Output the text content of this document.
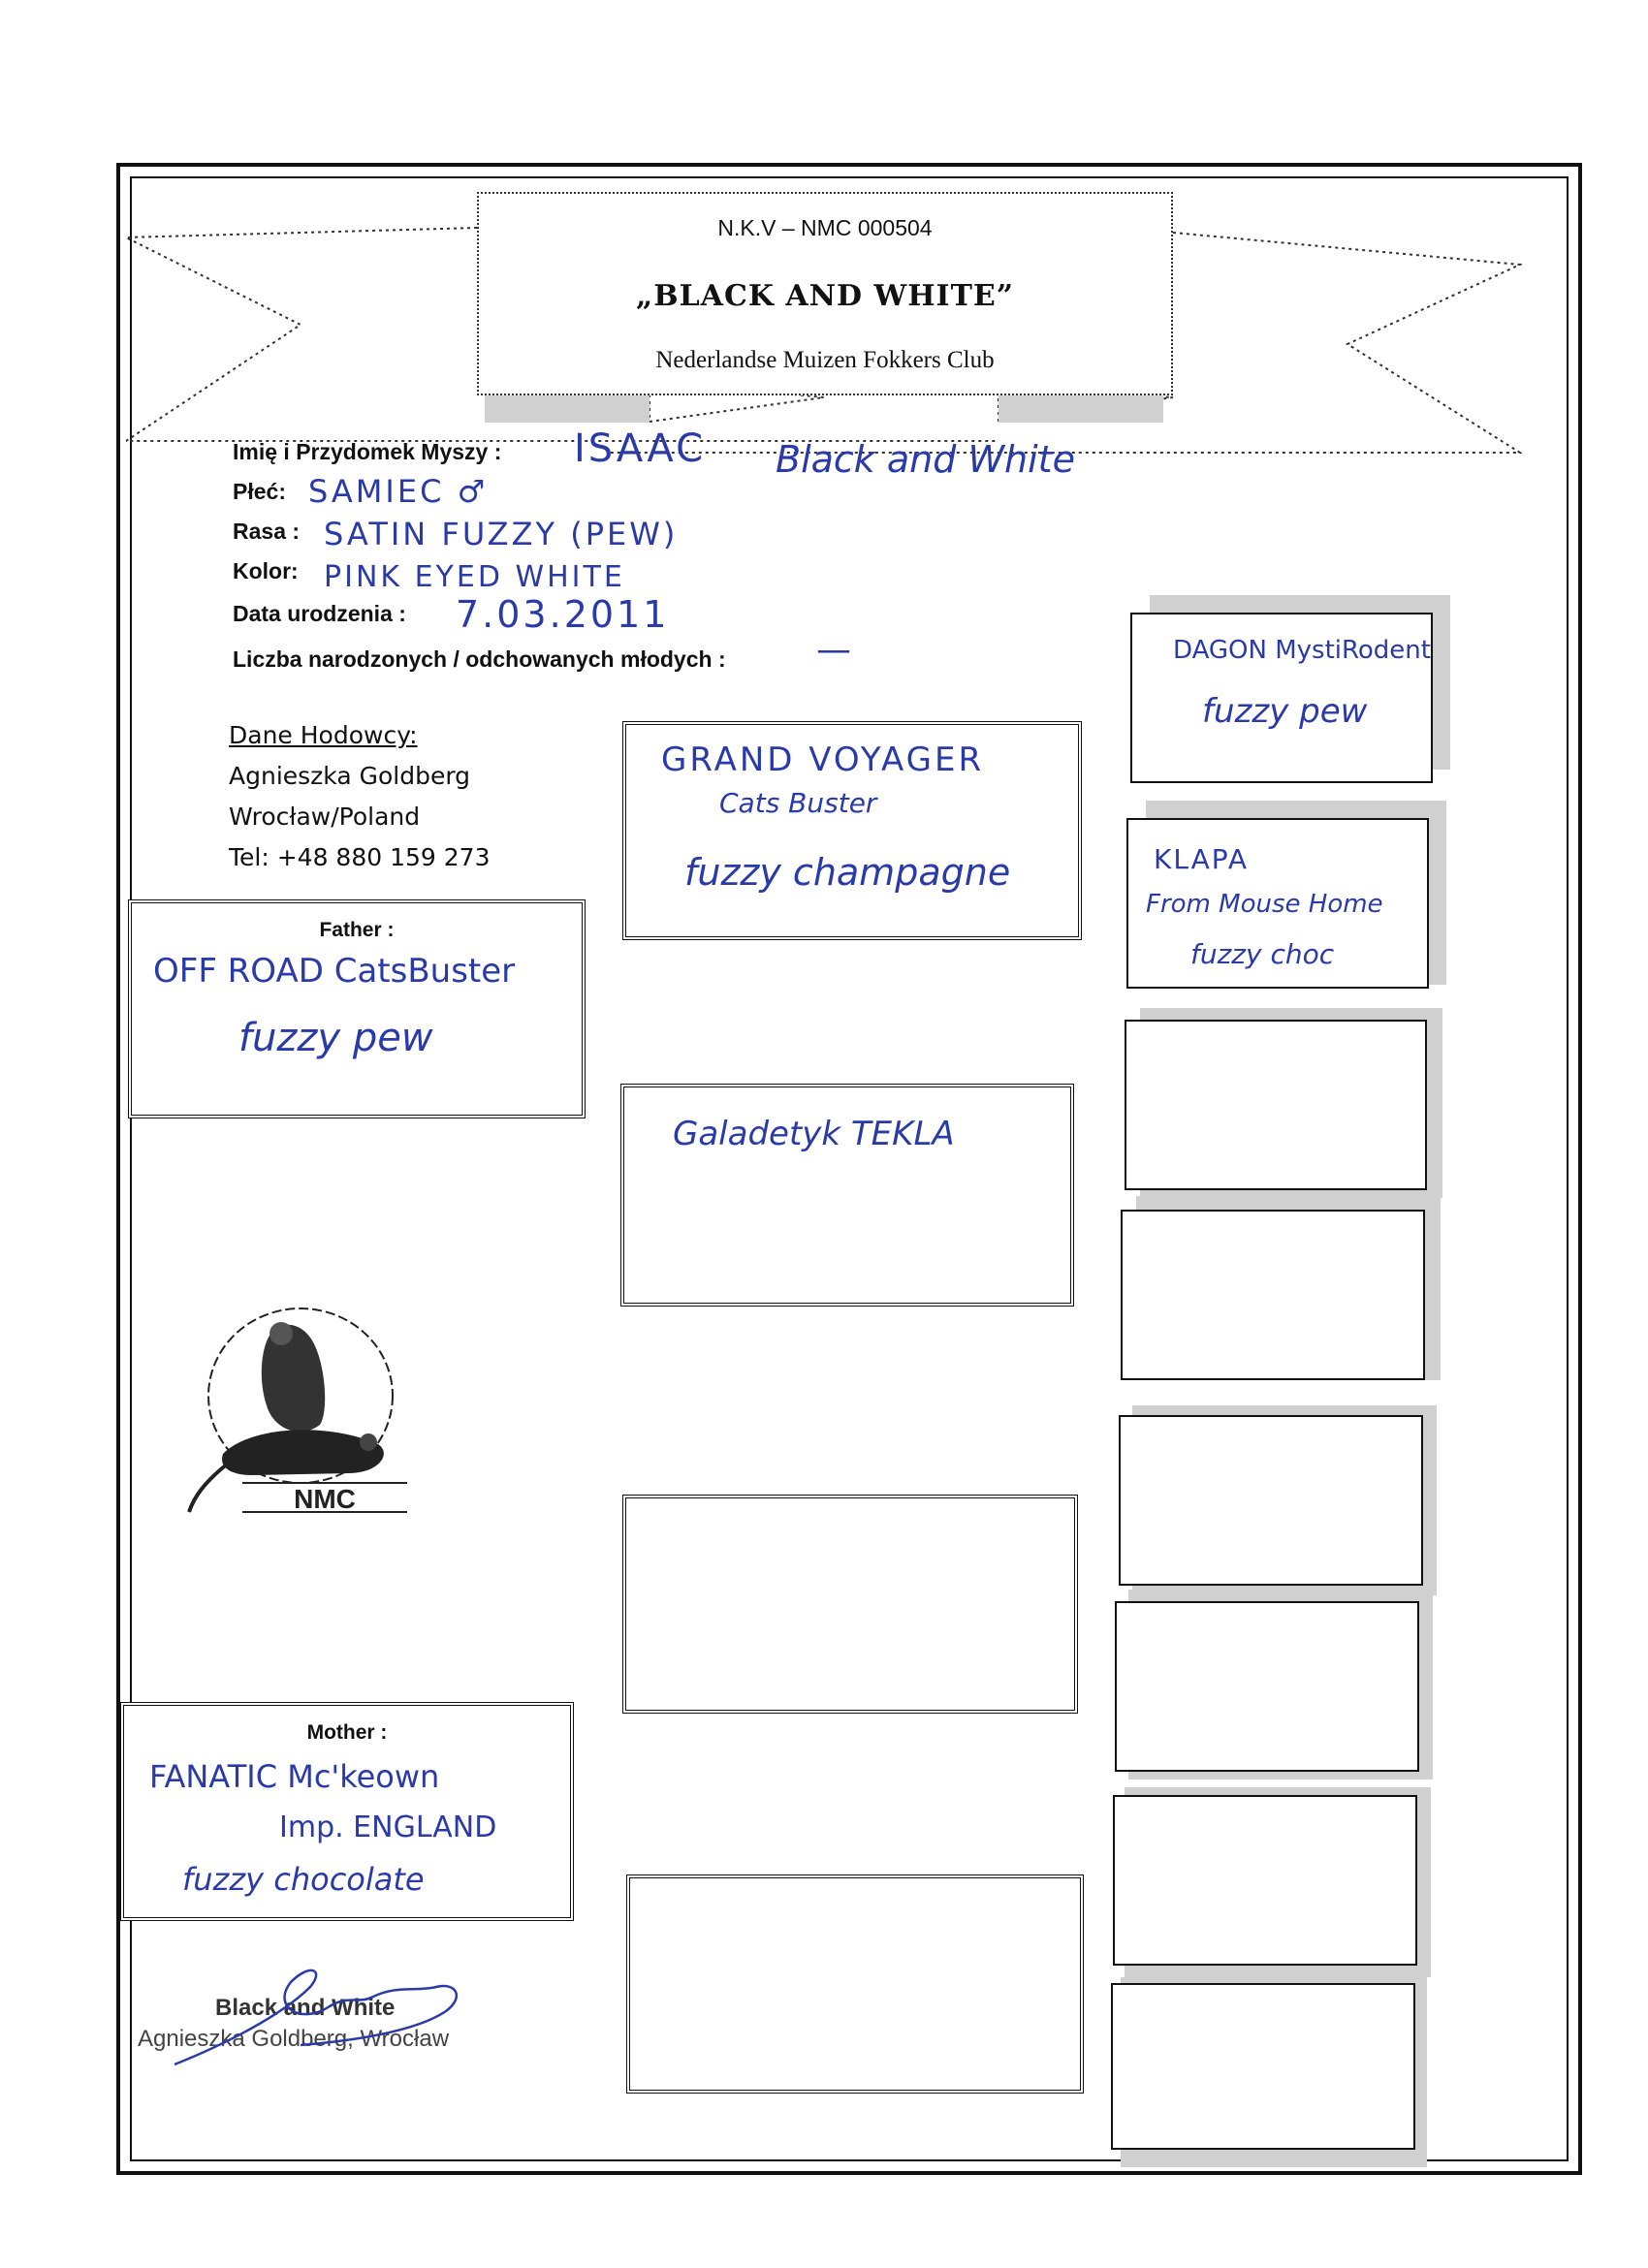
N.K.V – NMC 000504
„BLACK AND WHITE”
Nederlandse Muizen Fokkers Club
Imię i Przydomek Myszy :
Płeć:
Rasa :
Kolor:
Data urodzenia :
Liczba narodzonych / odchowanych młodych :
ISAAC Black and White
SAMIEC ♂
SATIN FUZZY (PEW)
PINK EYED WHITE
7.03.2011
—
Dane Hodowcy:
Agnieszka Goldberg
Wrocław/Poland
Tel: +48 880 159 273
Father :
OFF ROAD CatsBuster
fuzzy pew
Mother :
FANATIC Mc'keown
Imp. ENGLAND
fuzzy chocolate
GRAND VOYAGER
Cats Buster
fuzzy champagne
Galadetyk TEKLA
DAGON MystiRodent
fuzzy pew
KLAPA
From Mouse Home
fuzzy choc
NMC
Black and White
Agnieszka Goldberg, Wrocław
